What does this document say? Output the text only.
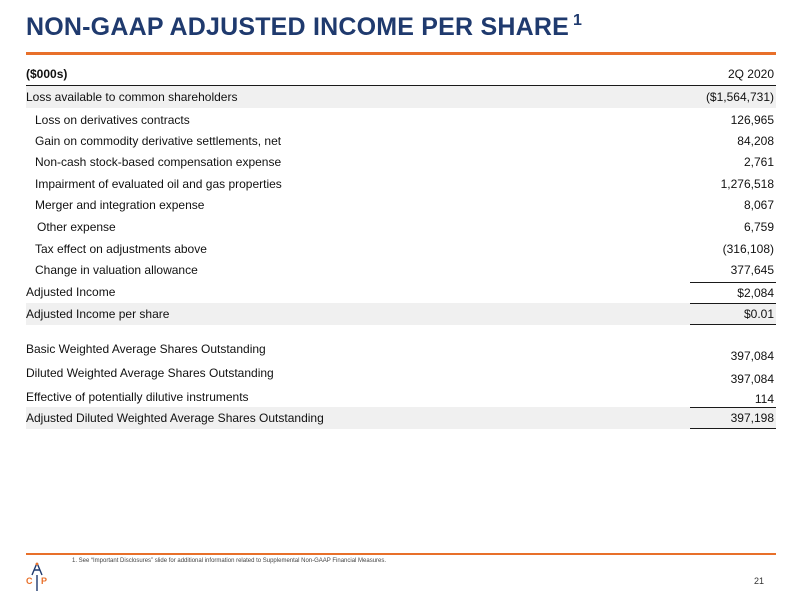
NON-GAAP ADJUSTED INCOME PER SHARE $^1$
($000s)	2Q 2020
Loss available to common shareholders	($1,564,731)
Loss on derivatives contracts	126,965
Gain on commodity derivative settlements, net	84,208
Non-cash stock-based compensation expense	2,761
Impairment of evaluated oil and gas properties	1,276,518
Merger and integration expense	8,067
Other expense	6,759
Tax effect on adjustments above	(316,108)
Change in valuation allowance	377,645
Adjusted Income	$2,084
Adjusted Income per share	$0.01
Basic Weighted Average Shares Outstanding	397,084
Diluted Weighted Average Shares Outstanding	397,084
Effective of potentially dilutive instruments	114
Adjusted Diluted Weighted Average Shares Outstanding	397,198
1. See “Important Disclosures” slide for additional information related to Supplemental Non-GAAP Financial Measures.
C P	21
